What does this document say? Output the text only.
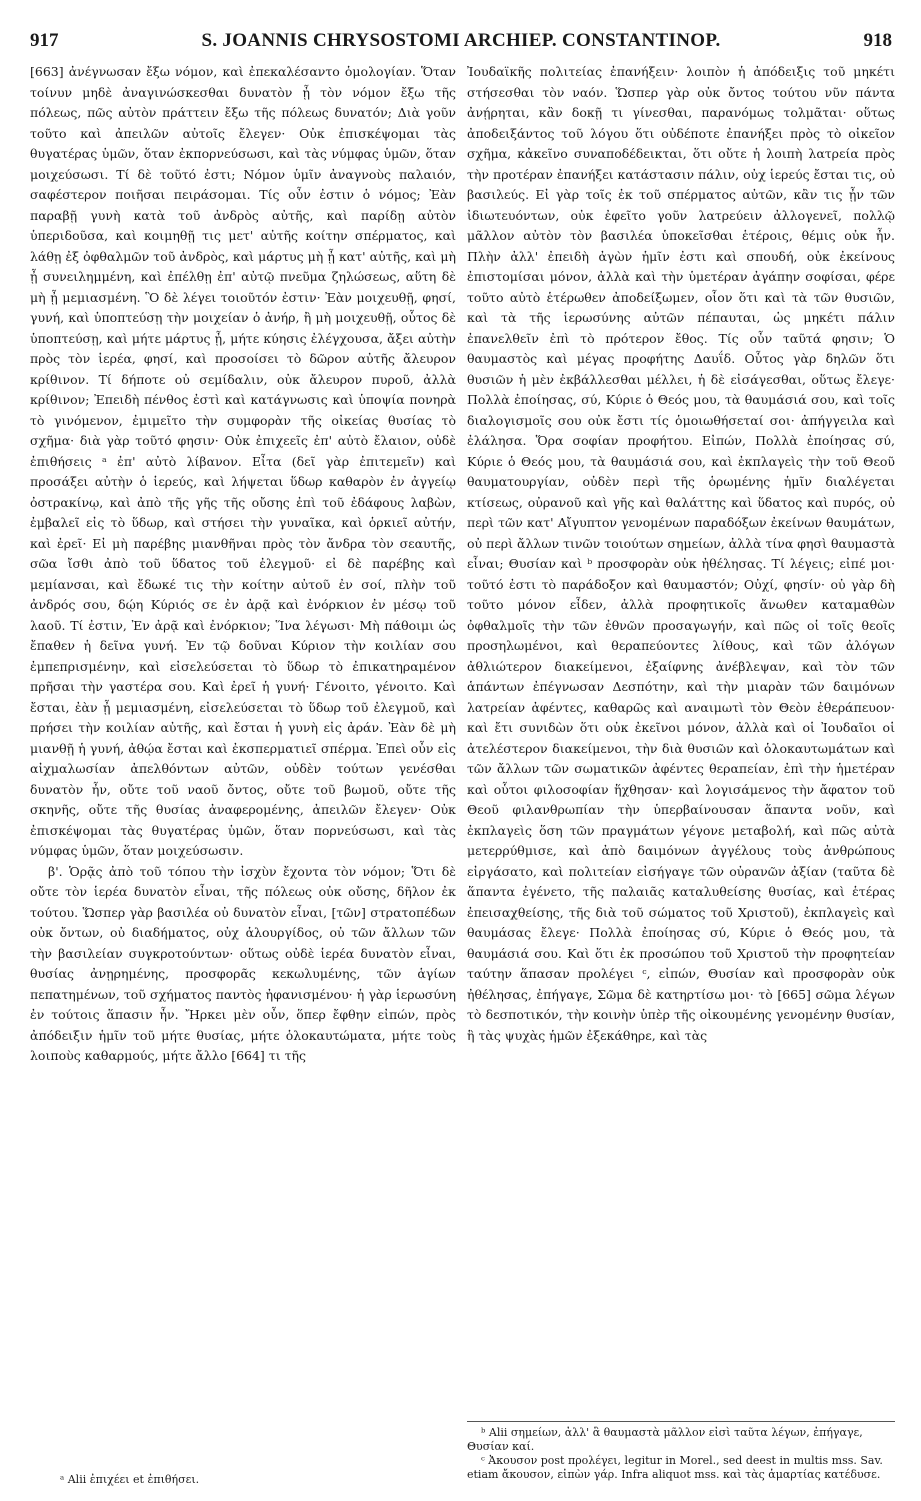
917	S. JOANNIS CHRYSOSTOMI ARCHIEP. CONSTANTINOP.	918

[663] ἀνέγνωσαν ἔξω νόμον, καὶ ἐπεκαλέσαντο ὁμολογίαν. Ὅταν τοίνυν μηδὲ ἀναγινώσκεσθαι δυνατὸν ᾖ τὸν νόμον ἔξω τῆς πόλεως, πῶς αὐτὸν πράττειν ἔξω τῆς πόλεως δυνατόν; Διὰ γοῦν τοῦτο καὶ ἀπειλῶν αὐτοῖς ἔλεγεν· Οὐκ ἐπισκέψομαι τὰς θυγατέρας ὑμῶν, ὅταν ἐκπορνεύσωσι, καὶ τὰς νύμφας ὑμῶν, ὅταν μοιχεύσωσι. Τί δὲ τοῦτό ἐστι; Νόμον ὑμῖν ἀναγνοὺς παλαιόν, σαφέστερον ποιῆσαι πειράσομαι. Τίς οὖν ἐστιν ὁ νόμος; Ἐὰν παραβῇ γυνὴ κατὰ τοῦ ἀνδρὸς αὐτῆς, καὶ παρίδῃ αὐτὸν ὑπεριδοῦσα, καὶ κοιμηθῇ τις μετ' αὐτῆς κοίτην σπέρματος, καὶ λάθῃ ἐξ ὀφθαλμῶν τοῦ ἀνδρὸς, καὶ μάρτυς μὴ ᾖ κατ' αὐτῆς, καὶ μὴ ᾖ συνειλημμένη, καὶ ἐπέλθῃ ἐπ' αὐτῷ πνεῦμα ζηλώσεως, αὕτη δὲ μὴ ᾖ μεμιασμένη. Ὃ δὲ λέγει τοιοῦτόν ἐστιν· Ἐὰν μοιχευθῇ, φησί, γυνή, καὶ ὑποπτεύσῃ τὴν μοιχείαν ὁ ἀνήρ, ἢ μὴ μοιχευθῇ, οὗτος δὲ ὑποπτεύσῃ, καὶ μήτε μάρτυς ᾖ, μήτε κύησις ἐλέγχουσα, ἄξει αὐτὴν πρὸς τὸν ἱερέα, φησί, καὶ προσοίσει τὸ δῶρον αὐτῆς ἄλευρον κρίθινον. Τί δήποτε οὐ σεμίδαλιν, οὐκ ἄλευρον πυροῦ, ἀλλὰ κρίθινον; Ἐπειδὴ πένθος ἐστὶ καὶ κατάγνωσις καὶ ὑποψία πονηρὰ τὸ γινόμενον, ἐμιμεῖτο τὴν συμφορὰν τῆς οἰκείας θυσίας τὸ σχῆμα· διὰ γὰρ τοῦτό φησιν· Οὐκ ἐπιχεεῖς ἐπ' αὐτὸ ἔλαιον, οὐδὲ ἐπιθήσεις ᵃ ἐπ' αὐτὸ λίβανον. Εἶτα (δεῖ γὰρ ἐπιτεμεῖν) καὶ προσάξει αὐτὴν ὁ ἱερεύς, καὶ λήψεται ὕδωρ καθαρὸν ἐν ἀγγείῳ ὀστρακίνῳ, καὶ ἀπὸ τῆς γῆς τῆς οὔσης ἐπὶ τοῦ ἐδάφους λαβὼν, ἐμβαλεῖ εἰς τὸ ὕδωρ, καὶ στήσει τὴν γυναῖκα, καὶ ὁρκιεῖ αὐτήν, καὶ ἐρεῖ· Εἰ μὴ παρέβης μιανθῆναι πρὸς τὸν ἄνδρα τὸν σεαυτῆς, σῶα ἴσθι ἀπὸ τοῦ ὕδατος τοῦ ἐλεγμοῦ· εἰ δὲ παρέβης καὶ μεμίανσαι, καὶ ἔδωκέ τις τὴν κοίτην αὐτοῦ ἐν σοί, πλὴν τοῦ ἀνδρός σου, δῴη Κύριός σε ἐν ἀρᾷ καὶ ἐνόρκιον ἐν μέσῳ τοῦ λαοῦ. Τί ἐστιν, Ἐν ἀρᾷ καὶ ἐνόρκιον; Ἵνα λέγωσι· Μὴ πάθοιμι ὡς ἔπαθεν ἡ δεῖνα γυνή. Ἐν τῷ δοῦναι Κύριον τὴν κοιλίαν σου ἐμπεπρισμένην, καὶ εἰσελεύσεται τὸ ὕδωρ τὸ ἐπικατηραμένον πρῆσαι τὴν γαστέρα σου. Καὶ ἐρεῖ ἡ γυνή· Γένοιτο, γένοιτο. Καὶ ἔσται, ἐὰν ᾖ μεμιασμένη, εἰσελεύσεται τὸ ὕδωρ τοῦ ἐλεγμοῦ, καὶ πρήσει τὴν κοιλίαν αὐτῆς, καὶ ἔσται ἡ γυνὴ εἰς ἀράν. Ἐὰν δὲ μὴ μιανθῇ ἡ γυνή, ἀθῴα ἔσται καὶ ἐκσπερματιεῖ σπέρμα. Ἐπεὶ οὖν εἰς αἰχμαλωσίαν ἀπελθόντων αὐτῶν, οὐδὲν τούτων γενέσθαι δυνατὸν ἦν, οὔτε τοῦ ναοῦ ὄντος, οὔτε τοῦ βωμοῦ, οὔτε τῆς σκηνῆς, οὔτε τῆς θυσίας ἀναφερομένης, ἀπειλῶν ἔλεγεν· Οὐκ ἐπισκέψομαι τὰς θυγατέρας ὑμῶν, ὅταν πορνεύσωσι, καὶ τὰς νύμφας ὑμῶν, ὅταν μοιχεύσωσιν.

β'. Ὁρᾷς ἀπὸ τοῦ τόπου τὴν ἰσχὺν ἔχοντα τὸν νόμον; Ὅτι δὲ οὔτε τὸν ἱερέα δυνατὸν εἶναι, τῆς πόλεως οὐκ οὔσης, δῆλον ἐκ τούτου. Ὥσπερ γὰρ βασιλέα οὐ δυνατὸν εἶναι, [τῶν] στρατοπέδων οὐκ ὄντων, οὐ διαδήματος, οὐχ ἁλουργίδος, οὐ τῶν ἄλλων τῶν τὴν βασιλείαν συγκροτούντων· οὕτως οὐδὲ ἱερέα δυνατὸν εἶναι, θυσίας ἀνῃρημένης, προσφορᾶς κεκωλυμένης, τῶν ἁγίων πεπατημένων, τοῦ σχήματος παντὸς ἠφανισμένου· ἡ γὰρ ἱερωσύνη ἐν τούτοις ἅπασιν ἦν. Ἤρκει μὲν οὖν, ὅπερ ἔφθην εἰπών, πρὸς ἀπόδειξιν ἡμῖν τοῦ μήτε θυσίας, μήτε ὁλοκαυτώματα, μήτε τοὺς λοιποὺς καθαρμούς, μήτε ἄλλο [664] τι τῆς

Ἰουδαϊκῆς πολιτείας ἐπανήξειν· λοιπὸν ἡ ἀπόδειξις τοῦ μηκέτι στήσεσθαι τὸν ναόν. Ὥσπερ γὰρ οὐκ ὄντος τούτου νῦν πάντα ἀνῄρηται, κἂν δοκῇ τι γίνεσθαι, παρανόμως τολμᾶται· οὕτως ἀποδειξάντος τοῦ λόγου ὅτι οὐδέποτε ἐπανήξει πρὸς τὸ οἰκεῖον σχῆμα, κἀκεῖνο συναποδέδεικται, ὅτι οὔτε ἡ λοιπὴ λατρεία πρὸς τὴν προτέραν ἐπανήξει κατάστασιν πάλιν, οὐχ ἱερεύς ἔσται τις, οὐ βασιλεύς. Εἰ γὰρ τοῖς ἐκ τοῦ σπέρματος αὐτῶν, κἂν τις ᾖν τῶν ἰδιωτευόντων, οὐκ ἐφεῖτο γοῦν λατρεύειν ἀλλογενεῖ, πολλῷ μᾶλλον αὐτὸν τὸν βασιλέα ὑποκεῖσθαι ἑτέροις, θέμις οὐκ ἦν. Πλὴν ἀλλ' ἐπειδὴ ἀγὼν ἡμῖν ἐστι καὶ σπουδή, οὐκ ἐκείνους ἐπιστομίσαι μόνον, ἀλλὰ καὶ τὴν ὑμετέραν ἀγάπην σοφίσαι, φέρε τοῦτο αὐτὸ ἑτέρωθεν ἀποδείξωμεν, οἷον ὅτι καὶ τὰ τῶν θυσιῶν, καὶ τὰ τῆς ἱερωσύνης αὐτῶν πέπαυται, ὡς μηκέτι πάλιν ἐπανελθεῖν ἐπὶ τὸ πρότερον ἔθος. Τίς οὖν ταῦτά φησιν; Ὁ θαυμαστὸς καὶ μέγας προφήτης Δαυΐδ. Οὗτος γὰρ δηλῶν ὅτι θυσιῶν ἡ μὲν ἐκβάλλεσθαι μέλλει, ἡ δὲ εἰσάγεσθαι, οὕτως ἔλεγε· Πολλὰ ἐποίησας, σύ, Κύριε ὁ Θεός μου, τὰ θαυμάσιά σου, καὶ τοῖς διαλογισμοῖς σου οὐκ ἔστι τίς ὁμοιωθήσεταί σοι· ἀπήγγειλα καὶ ἐλάλησα. Ὅρα σοφίαν προφήτου. Εἰπών, Πολλὰ ἐποίησας σύ, Κύριε ὁ Θεός μου, τὰ θαυμάσιά σου, καὶ ἐκπλαγεὶς τὴν τοῦ Θεοῦ θαυματουργίαν, οὐδὲν περὶ τῆς ὁρωμένης ἡμῖν διαλέγεται κτίσεως, οὐρανοῦ καὶ γῆς καὶ θαλάττης καὶ ὕδατος καὶ πυρός, οὐ περὶ τῶν κατ' Αἴγυπτον γενομένων παραδόξων ἐκείνων θαυμάτων, οὐ περὶ ἄλλων τινῶν τοιούτων σημείων, ἀλλὰ τίνα φησὶ θαυμαστὰ εἶναι; Θυσίαν καὶ ᵇ προσφορὰν οὐκ ἠθέλησας. Τί λέγεις; εἰπέ μοι· τοῦτό ἐστι τὸ παράδοξον καὶ θαυμαστόν; Οὐχί, φησίν· οὐ γὰρ δὴ τοῦτο μόνον εἶδεν, ἀλλὰ προφητικοῖς ἄνωθεν καταμαθὼν ὀφθαλμοῖς τὴν τῶν ἐθνῶν προσαγωγήν, καὶ πῶς οἱ τοῖς θεοῖς προσηλωμένοι, καὶ θεραπεύοντες λίθους, καὶ τῶν ἀλόγων ἀθλιώτερον διακείμενοι, ἐξαίφνης ἀνέβλεψαν, καὶ τὸν τῶν ἁπάντων ἐπέγνωσαν Δεσπότην, καὶ τὴν μιαρὰν τῶν δαιμόνων λατρείαν ἀφέντες, καθαρῶς καὶ αναιμωτὶ τὸν Θεὸν ἐθεράπευον· καὶ ἔτι συνιδὼν ὅτι οὐκ ἐκεῖνοι μόνον, ἀλλὰ καὶ οἱ Ἰουδαῖοι οἱ ἀτελέστερον διακείμενοι, τὴν διὰ θυσιῶν καὶ ὁλοκαυτωμάτων καὶ τῶν ἄλλων τῶν σωματικῶν ἀφέντες θεραπείαν, ἐπὶ τὴν ἡμετέραν καὶ οὗτοι φιλοσοφίαν ἥχθησαν· καὶ λογισάμενος τὴν ἄφατον τοῦ Θεοῦ φιλανθρωπίαν τὴν ὑπερβαίνουσαν ἅπαντα νοῦν, καὶ ἐκπλαγεὶς ὅση τῶν πραγμάτων γέγονε μεταβολή, καὶ πῶς αὐτὰ μετερρύθμισε, καὶ ἀπὸ δαιμόνων ἀγγέλους τοὺς ἀνθρώπους εἰργάσατο, καὶ πολιτείαν εἰσήγαγε τῶν οὐρανῶν ἀξίαν (ταῦτα δὲ ἅπαντα ἐγένετο, τῆς παλαιᾶς καταλυθείσης θυσίας, καὶ ἑτέρας ἐπεισαχθείσης, τῆς διὰ τοῦ σώματος τοῦ Χριστοῦ), ἐκπλαγεὶς καὶ θαυμάσας ἔλεγε· Πολλὰ ἐποίησας σύ, Κύριε ὁ Θεός μου, τὰ θαυμάσιά σου. Καὶ ὅτι ἐκ προσώπου τοῦ Χριστοῦ τὴν προφητείαν ταύτην ἅπασαν προλέγει ᶜ, εἰπών, Θυσίαν καὶ προσφορὰν οὐκ ἠθέλησας, ἐπήγαγε, Σῶμα δὲ κατηρτίσω μοι· τὸ [665] σῶμα λέγων τὸ δεσποτικόν, τὴν κοινὴν ὑπὲρ τῆς οἰκουμένης γενομένην θυσίαν, ἣ τὰς ψυχὰς ἡμῶν ἐξεκάθηρε, καὶ τὰς

ᵇ Alii σημείων, ἀλλ' ἃ θαυμαστὰ μᾶλλον εἰσὶ ταῦτα λέγων, ἐπήγαγε, Θυσίαν καί.

ᶜ Ἀκουσον post προλέγει, legitur in Morel., sed deest in multis mss. Sav. etiam ἄκουσον, εἰπὼν γάρ. Infra aliquot mss. καὶ τὰς ἁμαρτίας κατέδυσε.

ᵃ Alii ἐπιχέει et ἐπιθήσει.
